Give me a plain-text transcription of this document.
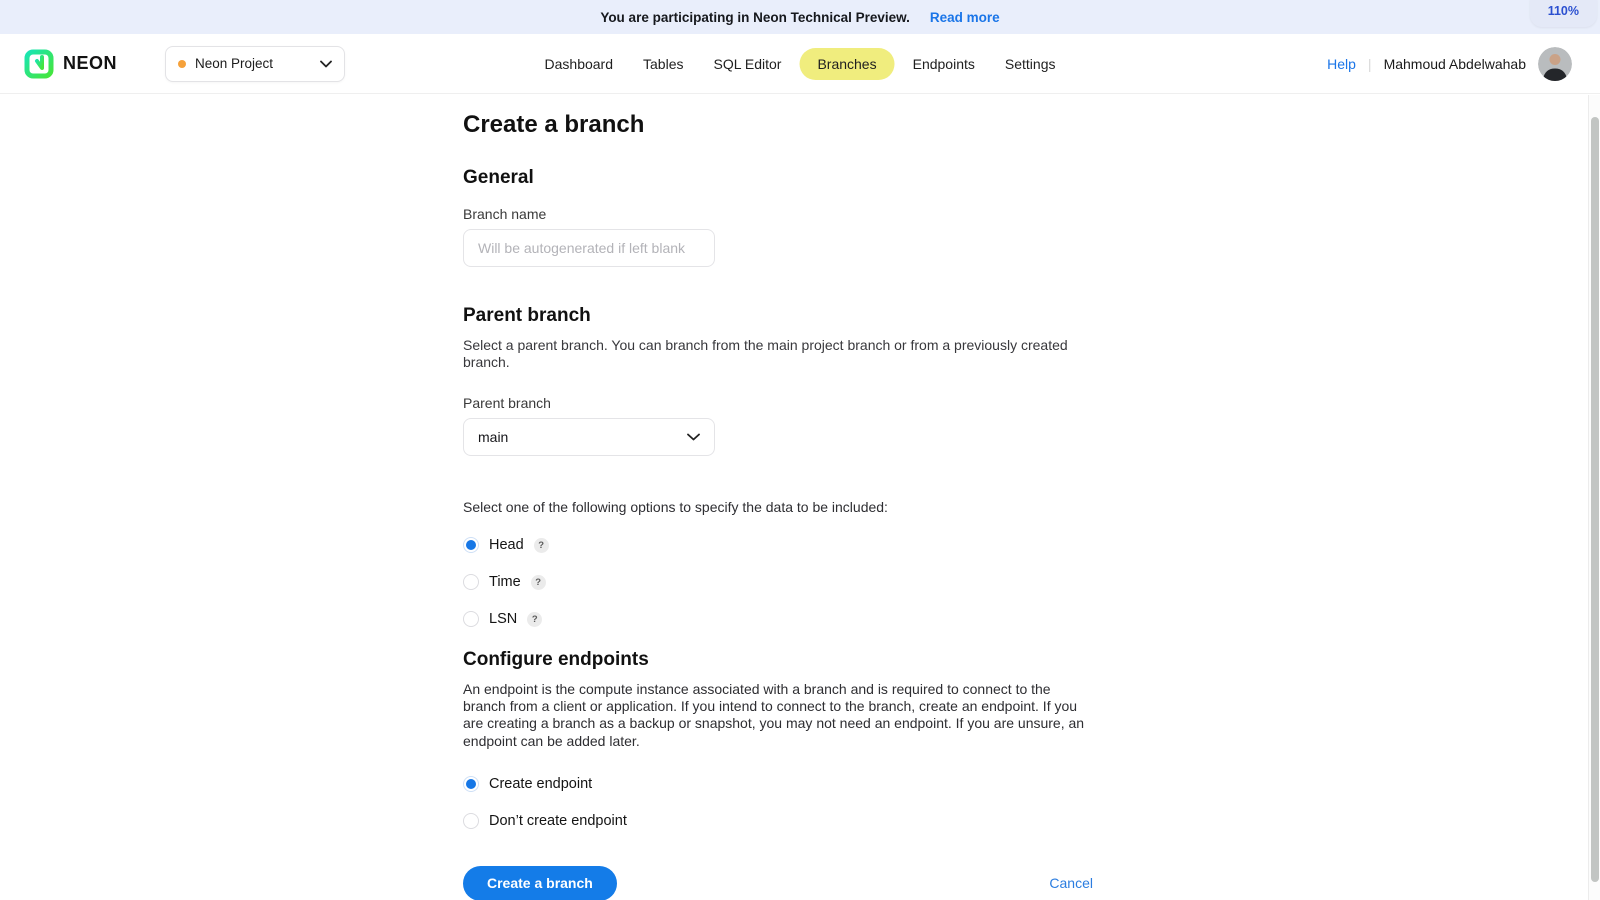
You are participating in Neon Technical Preview. Read more	110%
NEON	Neon Project	Dashboard	Tables	SQL Editor	Branches	Endpoints	Settings	Help | Mahmoud Abdelwahab
Create a branch
General
Branch name
Will be autogenerated if left blank
Parent branch

Select a parent branch. You can branch from the main project branch or from a previously created branch.

Parent branch
main

Select one of the following options to specify the data to be included:

Head	?
Time	?
LSN	?
Configure endpoints

An endpoint is the compute instance associated with a branch and is required to connect to the branch from a client or application. If you intend to connect to the branch, create an endpoint. If you are creating a branch as a backup or snapshot, you may not need an endpoint. If you are unsure, an endpoint can be added later.

Create endpoint
Don’t create endpoint
Create a branch	Cancel
